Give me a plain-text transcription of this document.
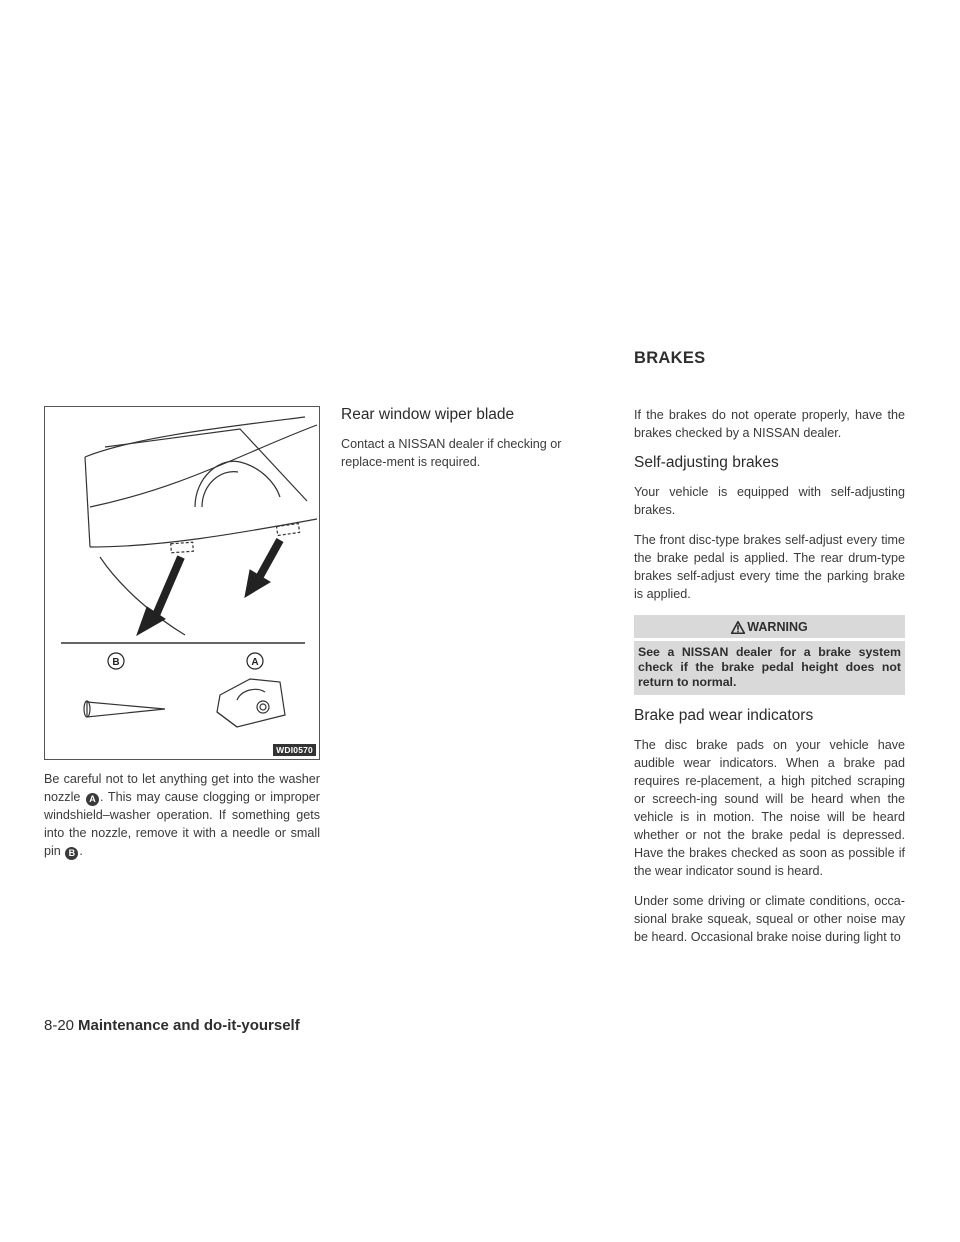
B	A
WDI0570

Be careful not to let anything get into the washer nozzle A . This may cause clogging or improper windshield–washer operation. If something gets into the nozzle, remove it with a needle or small pin B .

Rear window wiper blade

Contact a NISSAN dealer if checking or replace-ment is required.

BRAKES

If the brakes do not operate properly, have the brakes checked by a NISSAN dealer.

Self-adjusting brakes

Your vehicle is equipped with self-adjusting brakes.

The front disc-type brakes self-adjust every time the brake pedal is applied. The rear drum-type brakes self-adjust every time the parking brake is applied.

WARNING
See a NISSAN dealer for a brake system check if the brake pedal height does not return to normal.
Brake pad wear indicators

The disc brake pads on your vehicle have audible wear indicators. When a brake pad requires re-placement, a high pitched scraping or screech-ing sound will be heard when the vehicle is in motion. The noise will be heard whether or not the brake pedal is depressed. Have the brakes checked as soon as possible if the wear indicator sound is heard.

Under some driving or climate conditions, occa-sional brake squeak, squeal or other noise may be heard. Occasional brake noise during light to

8-20 Maintenance and do-it-yourself
